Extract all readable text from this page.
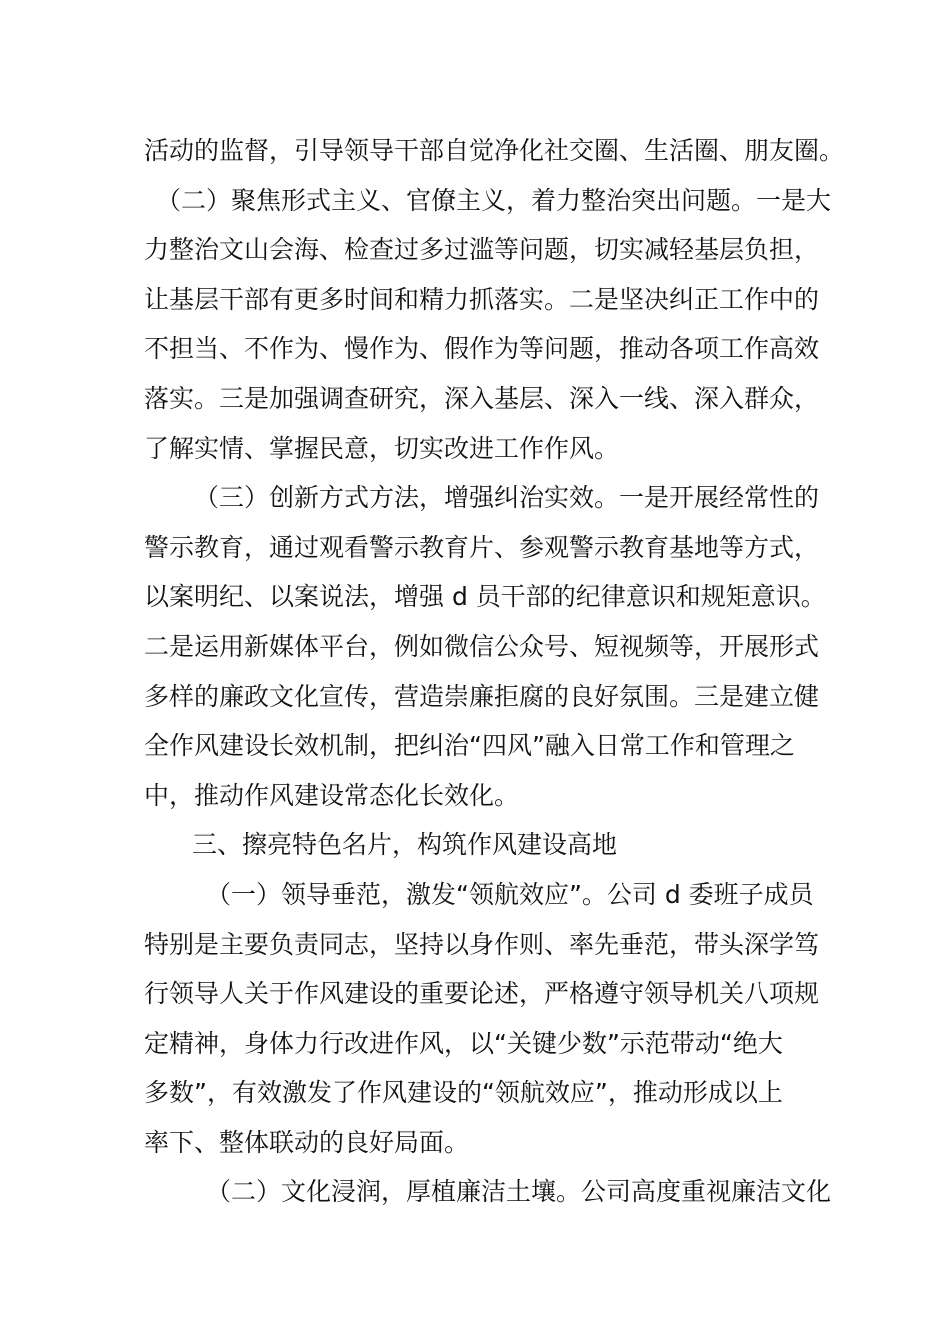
活动的监督，引导领导干部自觉净化社交圈、生活圈、朋友圈。
（二）聚焦形式主义、官僚主义，着力整治突出问题。一是大
力整治文山会海、检查过多过滥等问题，切实减轻基层负担，
让基层干部有更多时间和精力抓落实。二是坚决纠正工作中的
不担当、不作为、慢作为、假作为等问题，推动各项工作高效
落实。三是加强调查研究，深入基层、深入一线、深入群众，
了解实情、掌握民意，切实改进工作作风。
（三）创新方式方法，增强纠治实效。一是开展经常性的
警示教育，通过观看警示教育片、参观警示教育基地等方式，
以案明纪、以案说法，增强 d 员干部的纪律意识和规矩意识。
二是运用新媒体平台，例如微信公众号、短视频等，开展形式
多样的廉政文化宣传，营造崇廉拒腐的良好氛围。三是建立健
全作风建设长效机制，把纠治“四风”融入日常工作和管理之
中，推动作风建设常态化长效化。
三、擦亮特色名片，构筑作风建设高地
（一）领导垂范，激发“领航效应”。公司 d 委班子成员
特别是主要负责同志，坚持以身作则、率先垂范，带头深学笃
行领导人关于作风建设的重要论述，严格遵守领导机关八项规
定精神，身体力行改进作风，以“关键少数”示范带动“绝大
多数”，有效激发了作风建设的“领航效应”，推动形成以上
率下、整体联动的良好局面。
（二）文化浸润，厚植廉洁土壤。公司高度重视廉洁文化
